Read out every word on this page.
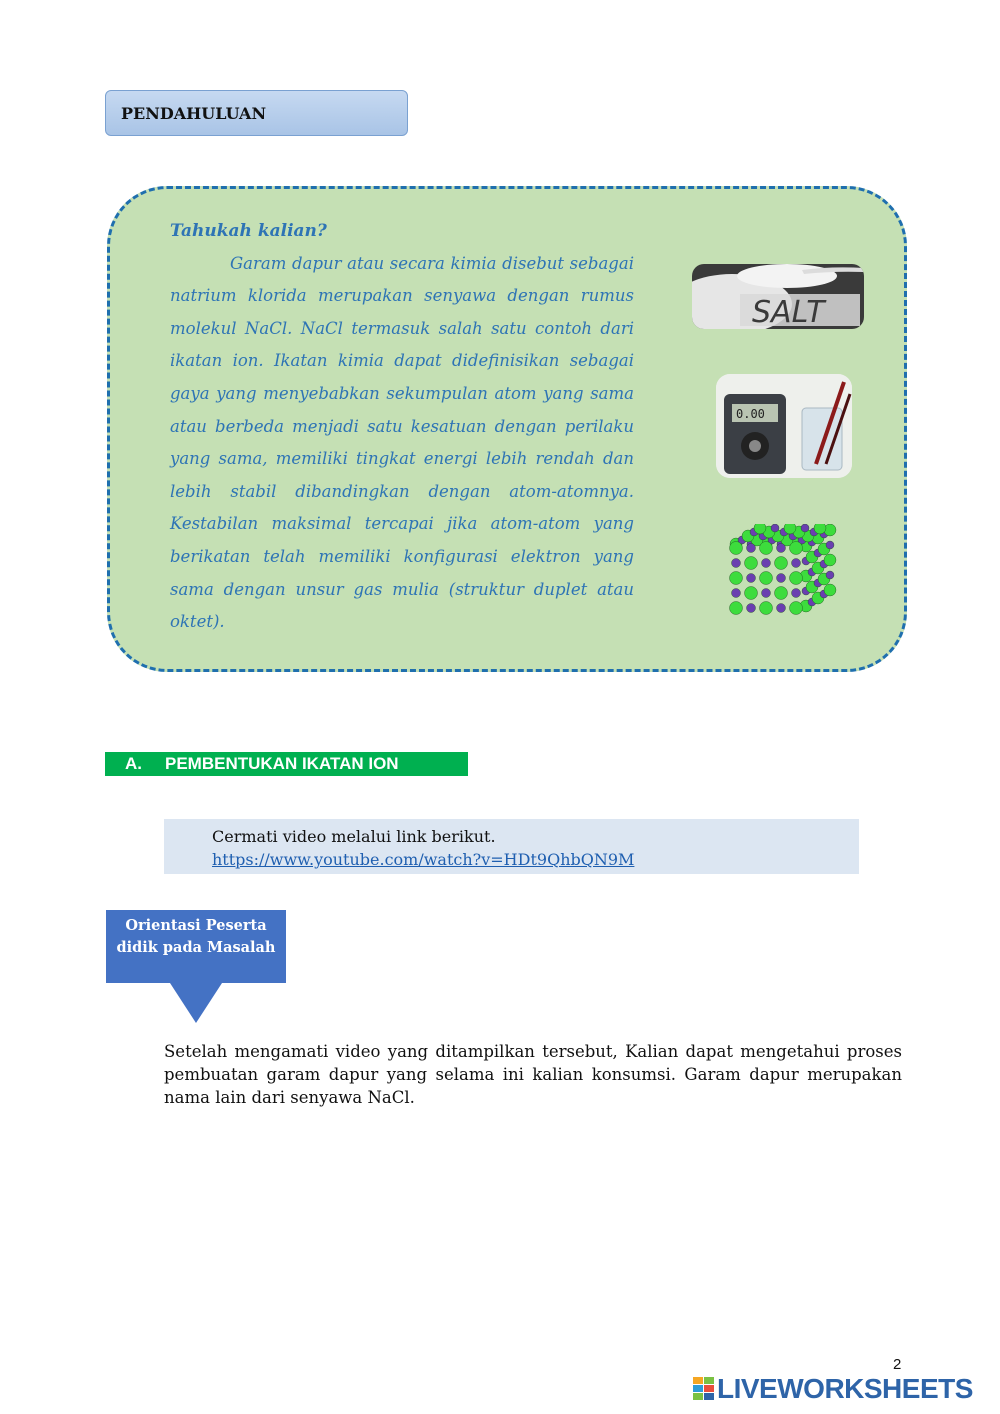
PENDAHULUAN
Tahukah kalian?
Garam dapur atau secara kimia disebut sebagai natrium klorida merupakan senyawa dengan rumus molekul NaCl. NaCl termasuk salah satu contoh dari ikatan ion. Ikatan kimia dapat didefinisikan sebagai gaya yang menyebabkan sekumpulan atom yang sama atau berbeda menjadi satu kesatuan dengan perilaku yang sama, memiliki tingkat energi lebih rendah dan lebih stabil dibandingkan dengan atom-atomnya. Kestabilan maksimal tercapai jika atom-atom yang berikatan telah memiliki konfigurasi elektron yang sama dengan unsur gas mulia (struktur duplet atau oktet).
SALT
0.00
A. PEMBENTUKAN IKATAN ION
Cermati video melalui link berikut.
https://www.youtube.com/watch?v=HDt9QhbQN9M
Orientasi Peserta didik pada Masalah
Setelah mengamati video yang ditampilkan tersebut, Kalian dapat mengetahui proses pembuatan garam dapur yang selama ini kalian konsumsi. Garam dapur merupakan nama lain dari senyawa NaCl.
2
LIVEWORKSHEETS
